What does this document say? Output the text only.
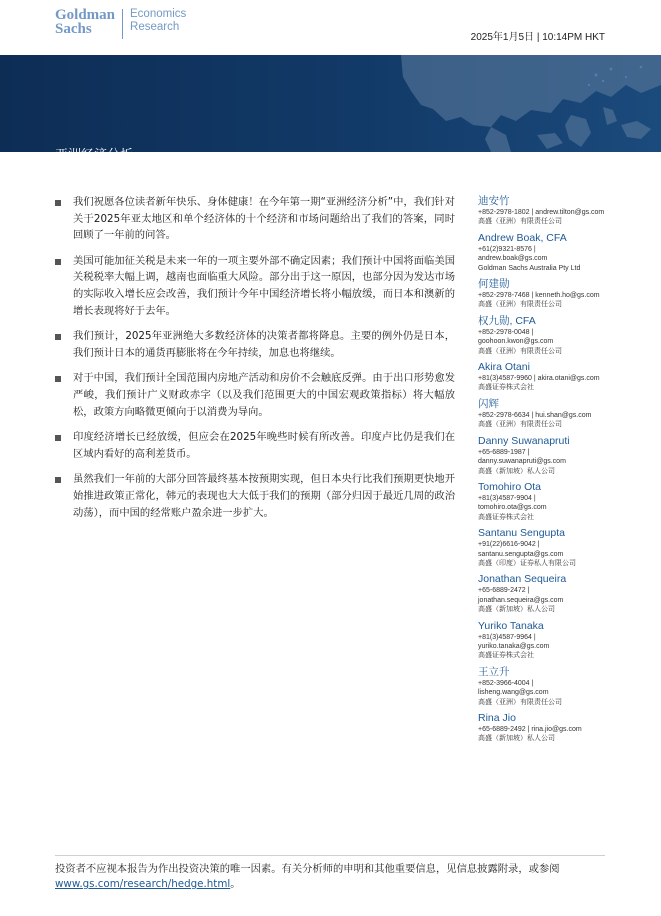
Goldman
Sachs
Economics
Research
2025年1月5日 | 10:14PM HKT
亚洲经济分析
关于2025年的十个问题
我们祝愿各位读者新年快乐、身体健康！在今年第一期“亚洲经济分析”中，我们针对关于2025年亚太地区和单个经济体的十个经济和市场问题给出了我们的答案，同时回顾了一年前的问答。
美国可能加征关税是未来一年的一项主要外部不确定因素；我们预计中国将面临美国关税税率大幅上调，越南也面临重大风险。部分出于这一原因，也部分因为发达市场的实际收入增长应会改善，我们预计今年中国经济增长将小幅放缓，而日本和澳新的增长表现将好于去年。
我们预计，2025年亚洲绝大多数经济体的决策者都将降息。主要的例外仍是日本，我们预计日本的通货再膨胀将在今年持续，加息也将继续。
对于中国，我们预计全国范围内房地产活动和房价不会触底反弹。由于出口形势愈发严峻，我们预计广义财政赤字（以及我们范围更大的中国宏观政策指标）将大幅放松，政策方向略微更倾向于以消费为导向。
印度经济增长已经放缓，但应会在2025年晚些时候有所改善。印度卢比仍是我们在区域内看好的高利差货币。
虽然我们一年前的大部分回答最终基本按预期实现，但日本央行比我们预期更快地开始推进政策正常化，韩元的表现也大大低于我们的预期（部分归因于最近几周的政治动荡），而中国的经常账户盈余进一步扩大。
迪安竹
+852-2978-1802 | andrew.tilton@gs.com
高盛（亚洲）有限责任公司
Andrew Boak, CFA
+61(2)9321-8576 |
andrew.boak@gs.com
Goldman Sachs Australia Pty Ltd
何建勋
+852-2978-7468 | kenneth.ho@gs.com
高盛（亚洲）有限责任公司
权九勋, CFA
+852-2978-0048 |
goohoon.kwon@gs.com
高盛（亚洲）有限责任公司
Akira Otani
+81(3)4587-9960 | akira.otani@gs.com
高盛证券株式会社
闪辉
+852-2978-6634 | hui.shan@gs.com
高盛（亚洲）有限责任公司
Danny Suwanapruti
+65-6889-1987 |
danny.suwanapruti@gs.com
高盛（新加坡）私人公司
Tomohiro Ota
+81(3)4587-9904 |
tomohiro.ota@gs.com
高盛证券株式会社
Santanu Sengupta
+91(22)6616-9042 |
santanu.sengupta@gs.com
高盛（印度）证券私人有限公司
Jonathan Sequeira
+65-6889-2472 |
jonathan.sequeira@gs.com
高盛（新加坡）私人公司
Yuriko Tanaka
+81(3)4587-9964 |
yuriko.tanaka@gs.com
高盛证券株式会社
王立升
+852-3966-4004 |
lisheng.wang@gs.com
高盛（亚洲）有限责任公司
Rina Jio
+65-6889-2492 | rina.jio@gs.com
高盛（新加坡）私人公司
投资者不应视本报告为作出投资决策的唯一因素。有关分析师的申明和其他重要信息，见信息披露附录，或参阅 www.gs.com/research/hedge.html。
